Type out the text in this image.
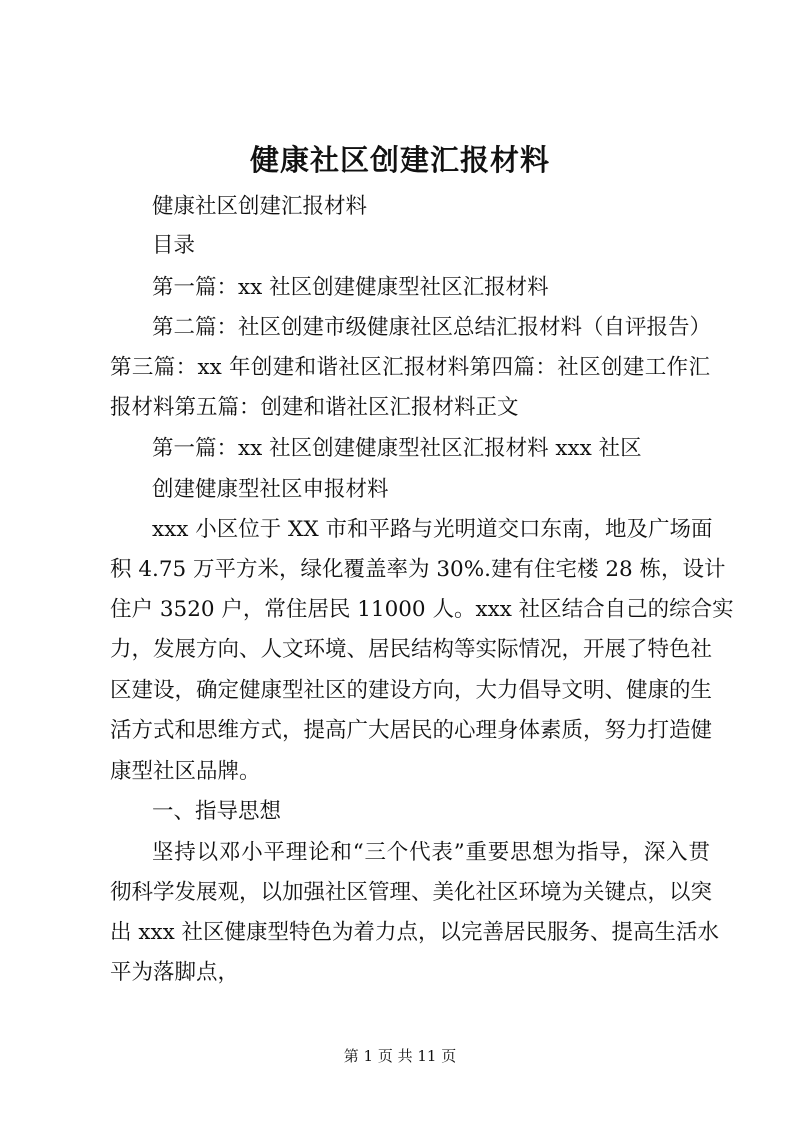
健康社区创建汇报材料
健康社区创建汇报材料
目录
第一篇：xx 社区创建健康型社区汇报材料
第二篇：社区创建市级健康社区总结汇报材料（自评报告）
第三篇：xx 年创建和谐社区汇报材料第四篇：社区创建工作汇
报材料第五篇：创建和谐社区汇报材料正文
第一篇：xx 社区创建健康型社区汇报材料 xxx 社区
创建健康型社区申报材料
xxx 小区位于 XX 市和平路与光明道交口东南，地及广场面
积 4.75 万平方米，绿化覆盖率为 30%.建有住宅楼 28 栋，设计
住户 3520 户，常住居民 11000 人。xxx 社区结合自己的综合实
力，发展方向、人文环境、居民结构等实际情况，开展了特色社
区建设，确定健康型社区的建设方向，大力倡导文明、健康的生
活方式和思维方式，提高广大居民的心理身体素质，努力打造健
康型社区品牌。
一、指导思想
坚持以邓小平理论和“三个代表”重要思想为指导，深入贯
彻科学发展观，以加强社区管理、美化社区环境为关键点，以突
出 xxx 社区健康型特色为着力点，以完善居民服务、提高生活水
平为落脚点，
第 1 页 共 11 页
